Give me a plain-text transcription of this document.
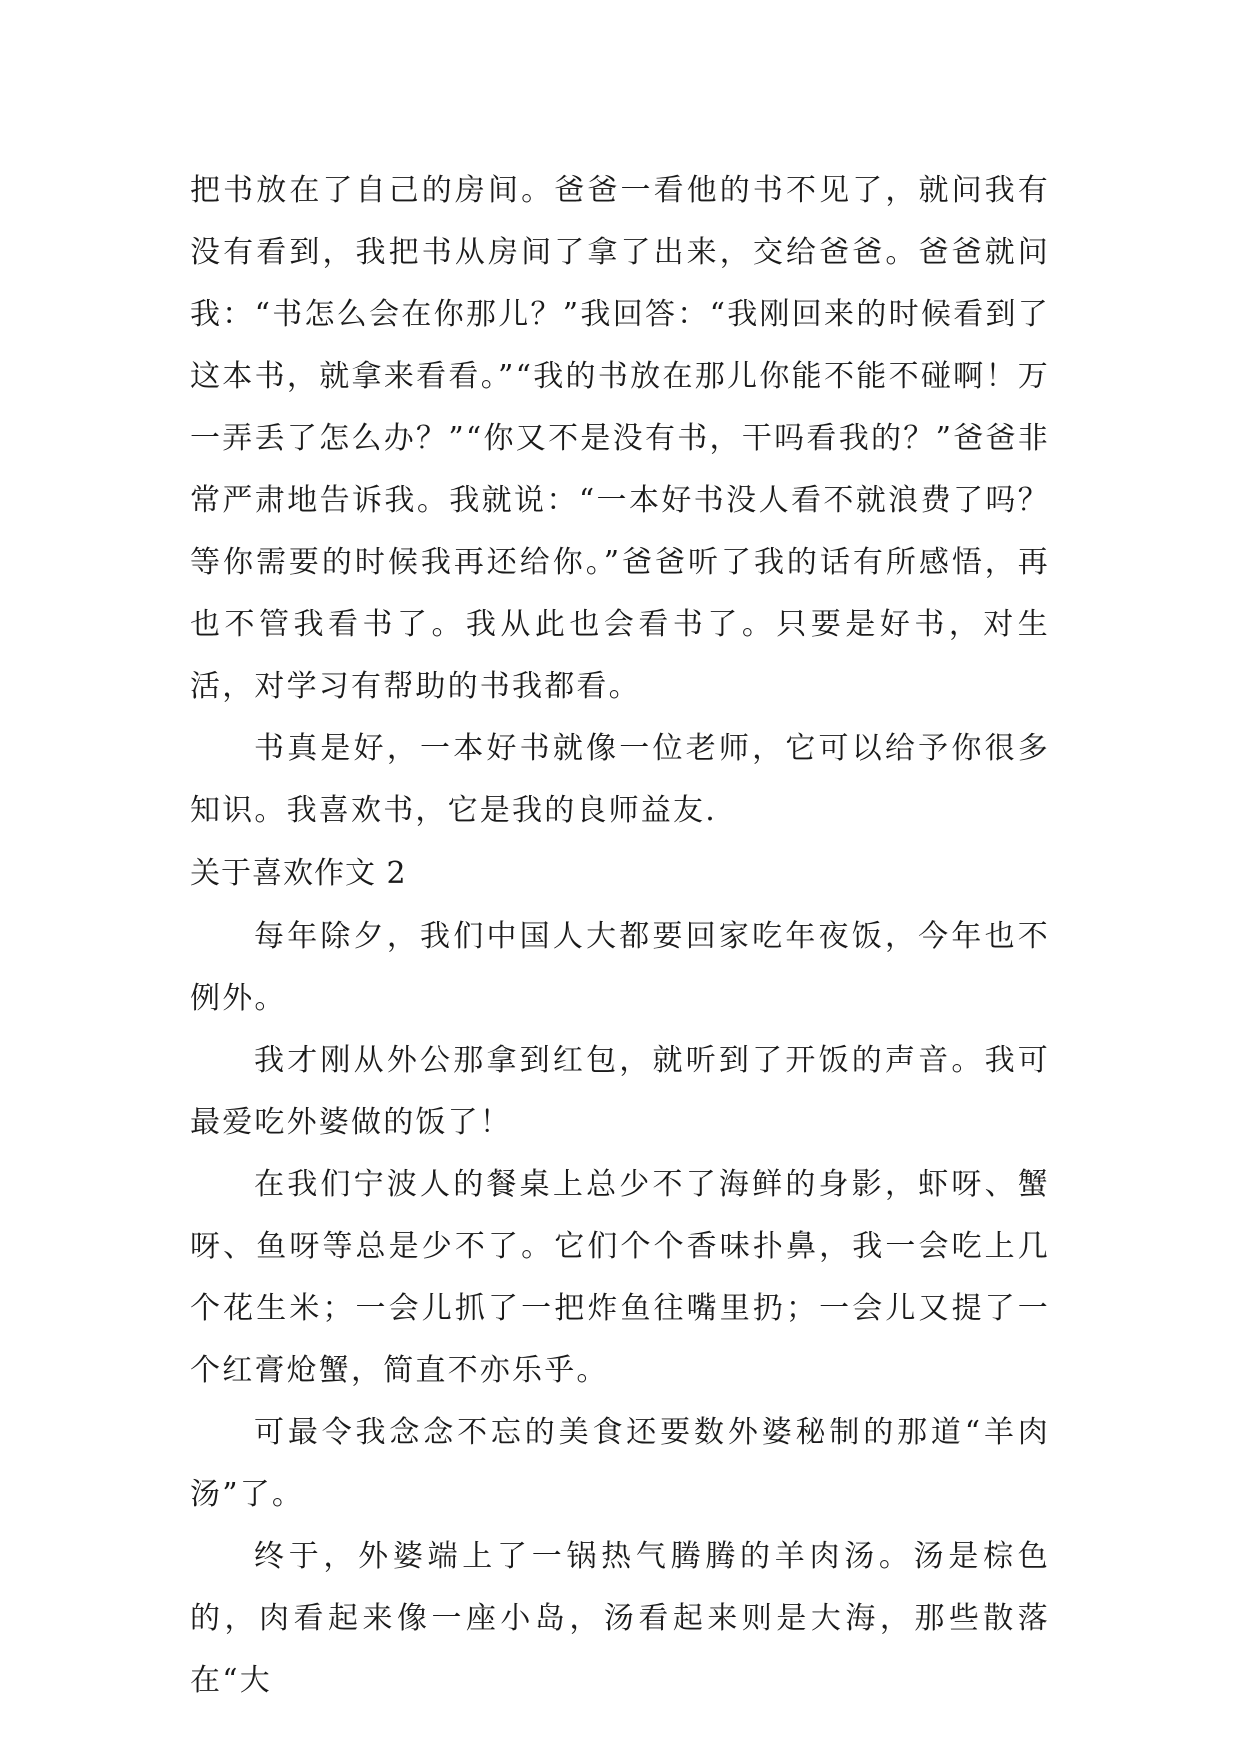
把书放在了自己的房间。爸爸一看他的书不见了，就问我有没有看到，我把书从房间了拿了出来，交给爸爸。爸爸就问我：“书怎么会在你那儿？”我回答：“我刚回来的时候看到了这本书，就拿来看看。”“我的书放在那儿你能不能不碰啊！万一弄丢了怎么办？”“你又不是没有书，干吗看我的？”爸爸非常严肃地告诉我。我就说：“一本好书没人看不就浪费了吗？等你需要的时候我再还给你。”爸爸听了我的话有所感悟，再也不管我看书了。我从此也会看书了。只要是好书，对生活，对学习有帮助的书我都看。

书真是好，一本好书就像一位老师，它可以给予你很多知识。我喜欢书，它是我的良师益友.

关于喜欢作文 2

每年除夕，我们中国人大都要回家吃年夜饭，今年也不例外。

我才刚从外公那拿到红包，就听到了开饭的声音。我可最爱吃外婆做的饭了！

在我们宁波人的餐桌上总少不了海鲜的身影，虾呀、蟹呀、鱼呀等总是少不了。它们个个香味扑鼻，我一会吃上几个花生米；一会儿抓了一把炸鱼往嘴里扔；一会儿又提了一个红膏炝蟹，简直不亦乐乎。

可最令我念念不忘的美食还要数外婆秘制的那道“羊肉汤”了。

终于，外婆端上了一锅热气腾腾的羊肉汤。汤是棕色的，肉看起来像一座小岛，汤看起来则是大海，那些散落在“大
